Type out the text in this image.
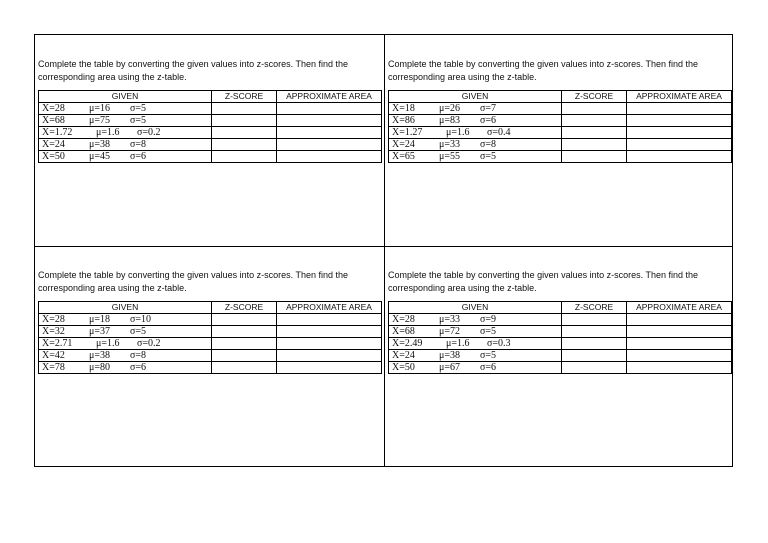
Complete the table by converting the given values into z-scores. Then find the corresponding area using the z-table.

GIVEN	Z-SCORE	APPROXIMATE AREA
X=28 μ=16 σ=5		
X=68 μ=75 σ=5		
X=1.72 μ=1.6 σ=0.2		
X=24 μ=38 σ=8		
X=50 μ=45 σ=6		

Complete the table by converting the given values into z-scores. Then find the corresponding area using the z-table.

GIVEN	Z-SCORE	APPROXIMATE AREA
X=18 μ=26 σ=7		
X=86 μ=83 σ=6		
X=1.27 μ=1.6 σ=0.4		
X=24 μ=33 σ=8		
X=65 μ=55 σ=5		

Complete the table by converting the given values into z-scores. Then find the corresponding area using the z-table.

GIVEN	Z-SCORE	APPROXIMATE AREA
X=28 μ=18 σ=10		
X=32 μ=37 σ=5		
X=2.71 μ=1.6 σ=0.2		
X=42 μ=38 σ=8		
X=78 μ=80 σ=6		

Complete the table by converting the given values into z-scores. Then find the corresponding area using the z-table.

GIVEN	Z-SCORE	APPROXIMATE AREA
X=28 μ=33 σ=9		
X=68 μ=72 σ=5		
X=2.49 μ=1.6 σ=0.3		
X=24 μ=38 σ=5		
X=50 μ=67 σ=6		
